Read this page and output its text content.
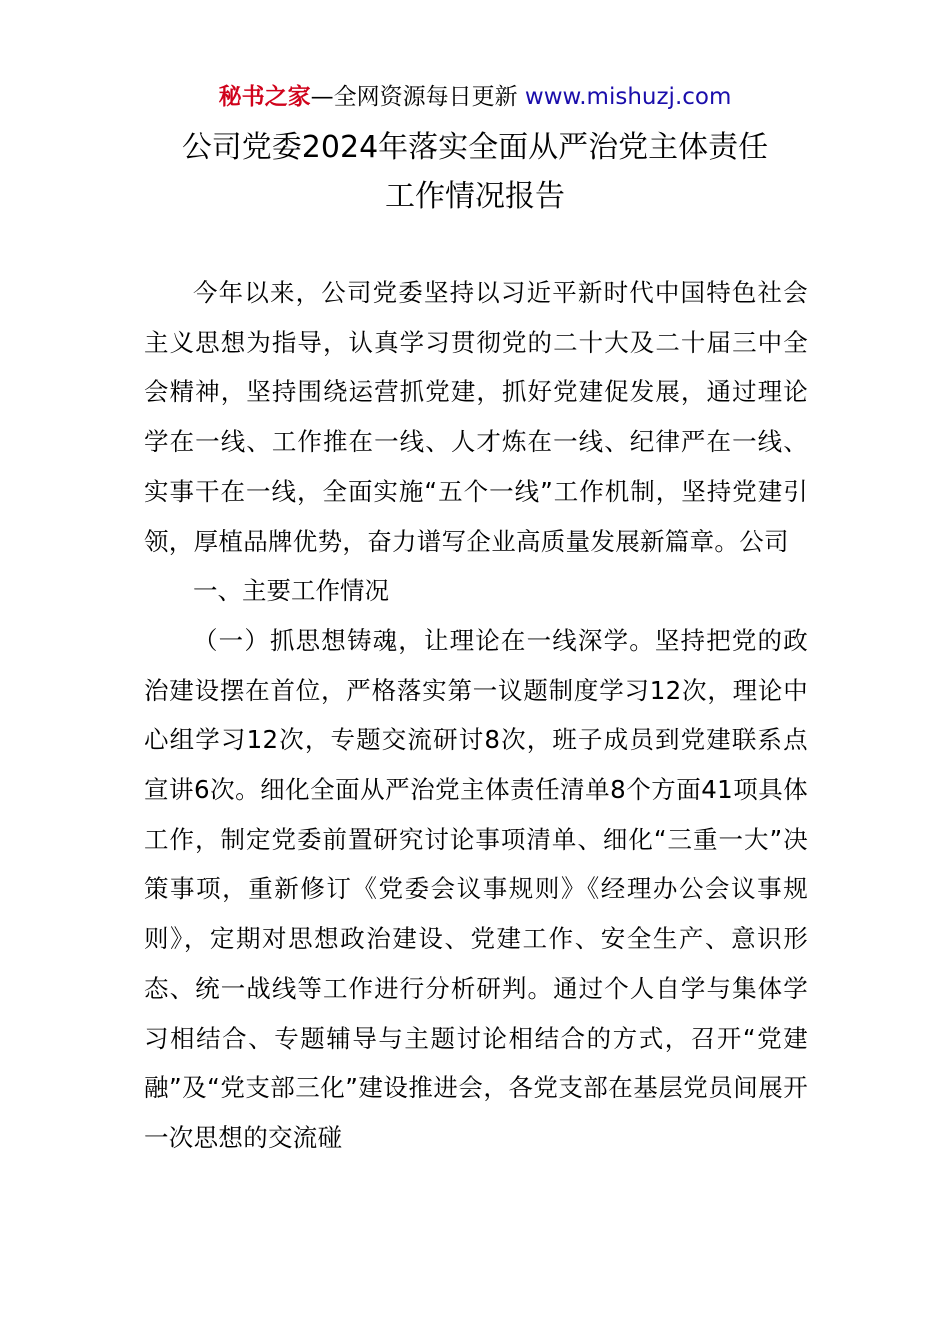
秘书之家—全网资源每日更新 www.mishuzj.com
公司党委2024年落实全面从严治党主体责任
工作情况报告

今年以来，公司党委坚持以习近平新时代中国特色社会主义思想为指导，认真学习贯彻党的二十大及二十届三中全会精神，坚持围绕运营抓党建，抓好党建促发展，通过理论学在一线、工作推在一线、人才炼在一线、纪律严在一线、实事干在一线，全面实施“五个一线”工作机制，坚持党建引领，厚植品牌优势，奋力谱写企业高质量发展新篇章。公司

一、主要工作情况

（一）抓思想铸魂，让理论在一线深学。坚持把党的政治建设摆在首位，严格落实第一议题制度学习12次，理论中心组学习12次，专题交流研讨8次，班子成员到党建联系点宣讲6次。细化全面从严治党主体责任清单8个方面41项具体工作，制定党委前置研究讨论事项清单、细化“三重一大”决策事项，重新修订《党委会议事规则》《经理办公会议事规则》，定期对思想政治建设、党建工作、安全生产、意识形态、统一战线等工作进行分析研判。通过个人自学与集体学习相结合、专题辅导与主题讨论相结合的方式，召开“党建融”及“党支部三化”建设推进会，各党支部在基层党员间展开一次思想的交流碰
